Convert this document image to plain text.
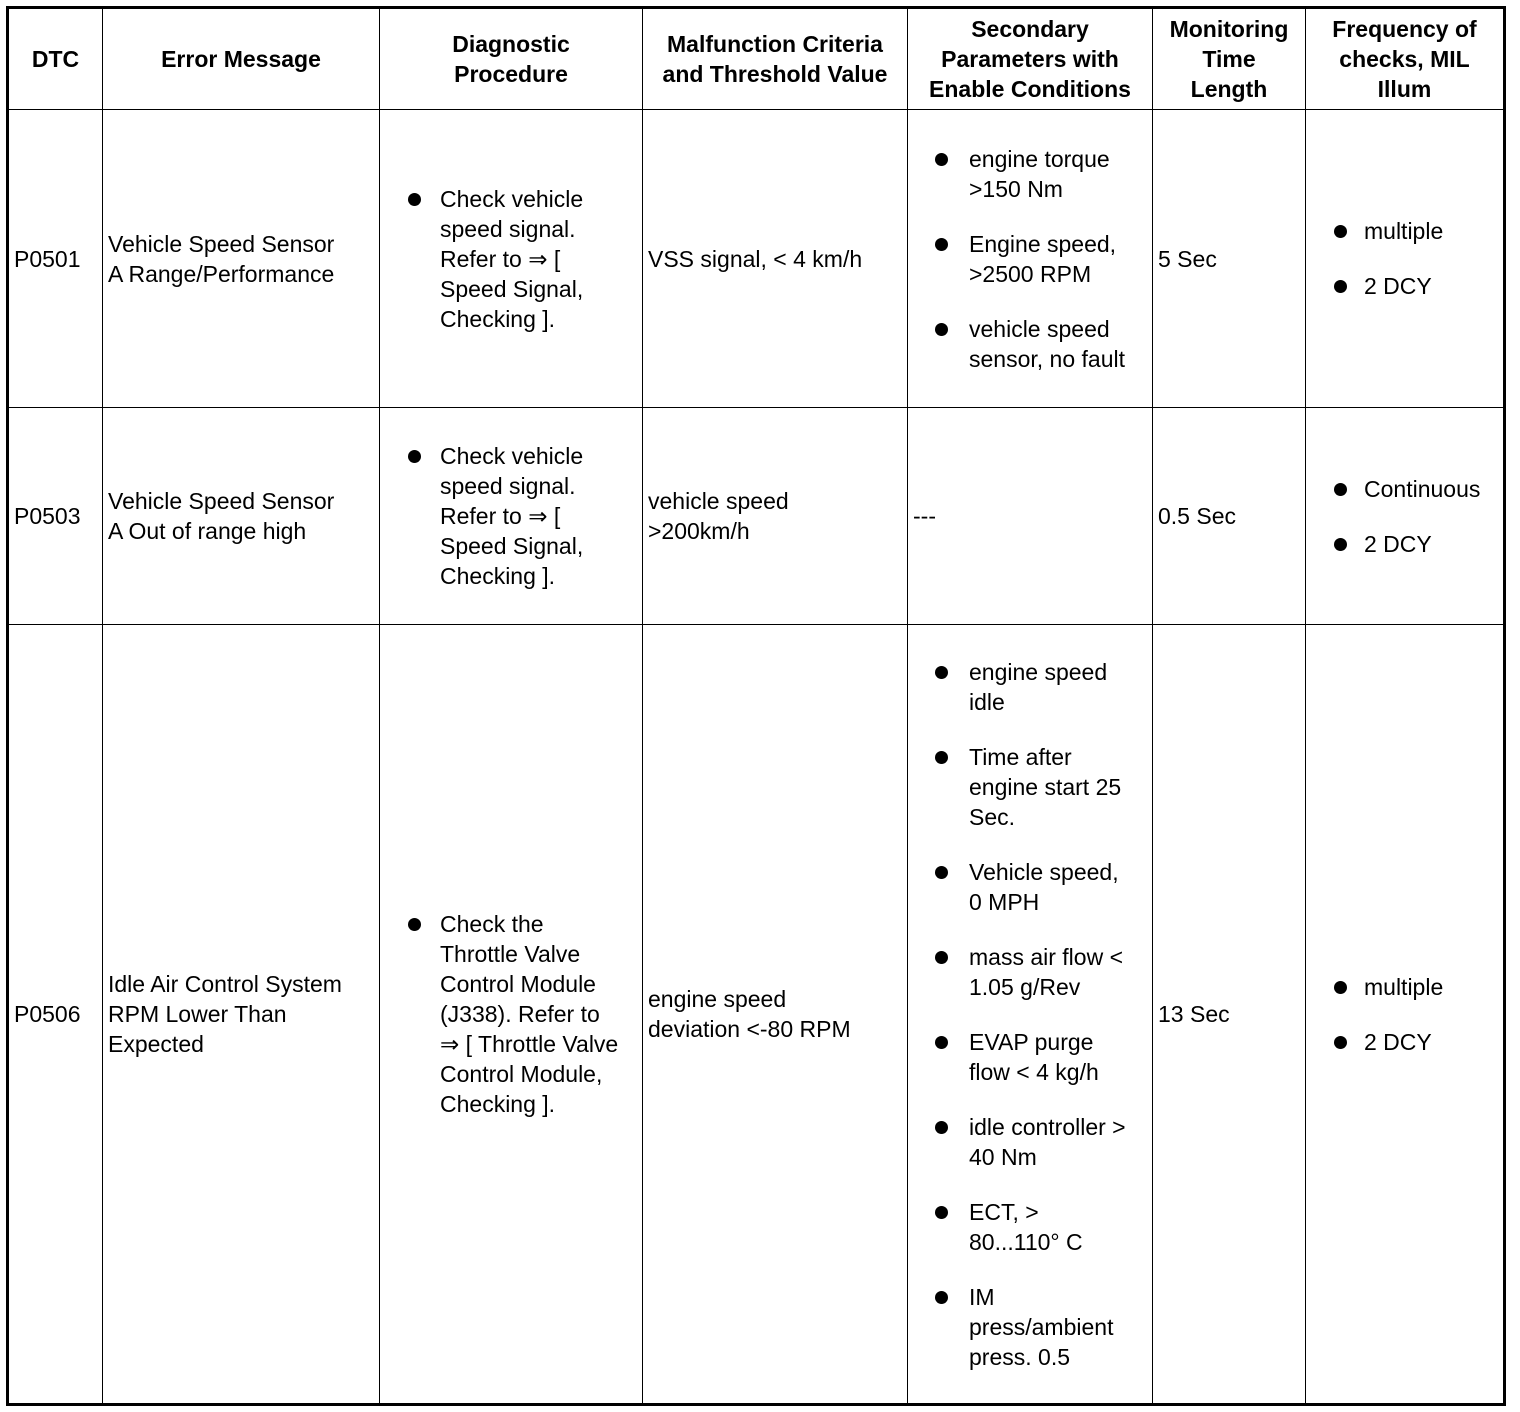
DTC	Error Message
Diagnostic
Procedure
Malfunction Criteria
and Threshold Value
Secondary
Parameters with
Enable Conditions
Monitoring
Time
Length
Frequency of
checks, MIL
Illum
P0501
Vehicle Speed Sensor
A Range/Performance
Check vehicle
speed signal.
Refer to ⇒ [
Speed Signal,
Checking ].
VSS signal, < 4 km/h
engine torque
>150 Nm
Engine speed,
>2500 RPM
vehicle speed
sensor, no fault
5 Sec
multiple
2 DCY
P0503
Vehicle Speed Sensor
A Out of range high
Check vehicle
speed signal.
Refer to ⇒ [
Speed Signal,
Checking ].
vehicle speed
>200km/h
---	0.5 Sec
Continuous
2 DCY
P0506
Idle Air Control System
RPM Lower Than
Expected
Check the
Throttle Valve
Control Module
(J338). Refer to
⇒ [ Throttle Valve
Control Module,
Checking ].
engine speed
deviation <-80 RPM
engine speed
idle
Time after
engine start 25
Sec.
Vehicle speed,
0 MPH
mass air flow <
1.05 g/Rev
EVAP purge
flow < 4 kg/h
idle controller >
40 Nm
ECT, >
80...110° C
IM
press/ambient
press. 0.5
13 Sec
multiple
2 DCY
